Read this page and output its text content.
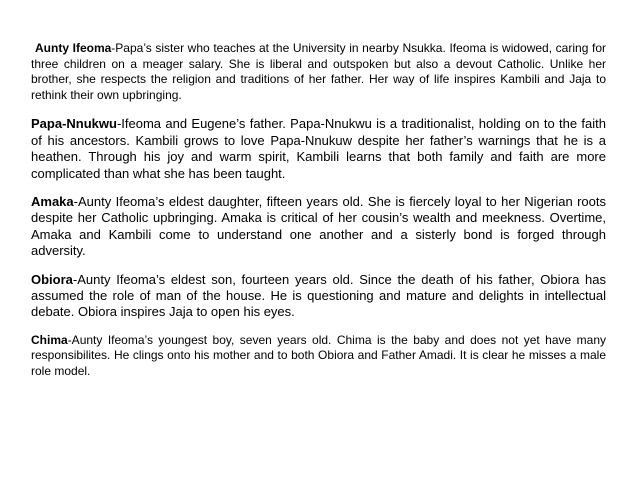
Aunty Ifeoma-Papa’s sister who teaches at the University in nearby Nsukka. Ifeoma is widowed, caring for three children on a meager salary. She is liberal and outspoken but also a devout Catholic. Unlike her brother, she respects the religion and traditions of her father. Her way of life inspires Kambili and Jaja to rethink their own upbringing.

Papa-Nnukwu-Ifeoma and Eugene’s father. Papa-Nnukwu is a traditionalist, holding on to the faith of his ancestors. Kambili grows to love Papa-Nnukuw despite her father’s warnings that he is a heathen. Through his joy and warm spirit, Kambili learns that both family and faith are more complicated than what she has been taught.

Amaka-Aunty Ifeoma’s eldest daughter, fifteen years old. She is fiercely loyal to her Nigerian roots despite her Catholic upbringing. Amaka is critical of her cousin’s wealth and meekness. Overtime, Amaka and Kambili come to understand one another and a sisterly bond is forged through adversity.

Obiora-Aunty Ifeoma’s eldest son, fourteen years old. Since the death of his father, Obiora has assumed the role of man of the house. He is questioning and mature and delights in intellectual debate. Obiora inspires Jaja to open his eyes.

Chima-Aunty Ifeoma’s youngest boy, seven years old. Chima is the baby and does not yet have many responsibilites. He clings onto his mother and to both Obiora and Father Amadi. It is clear he misses a male role model.
